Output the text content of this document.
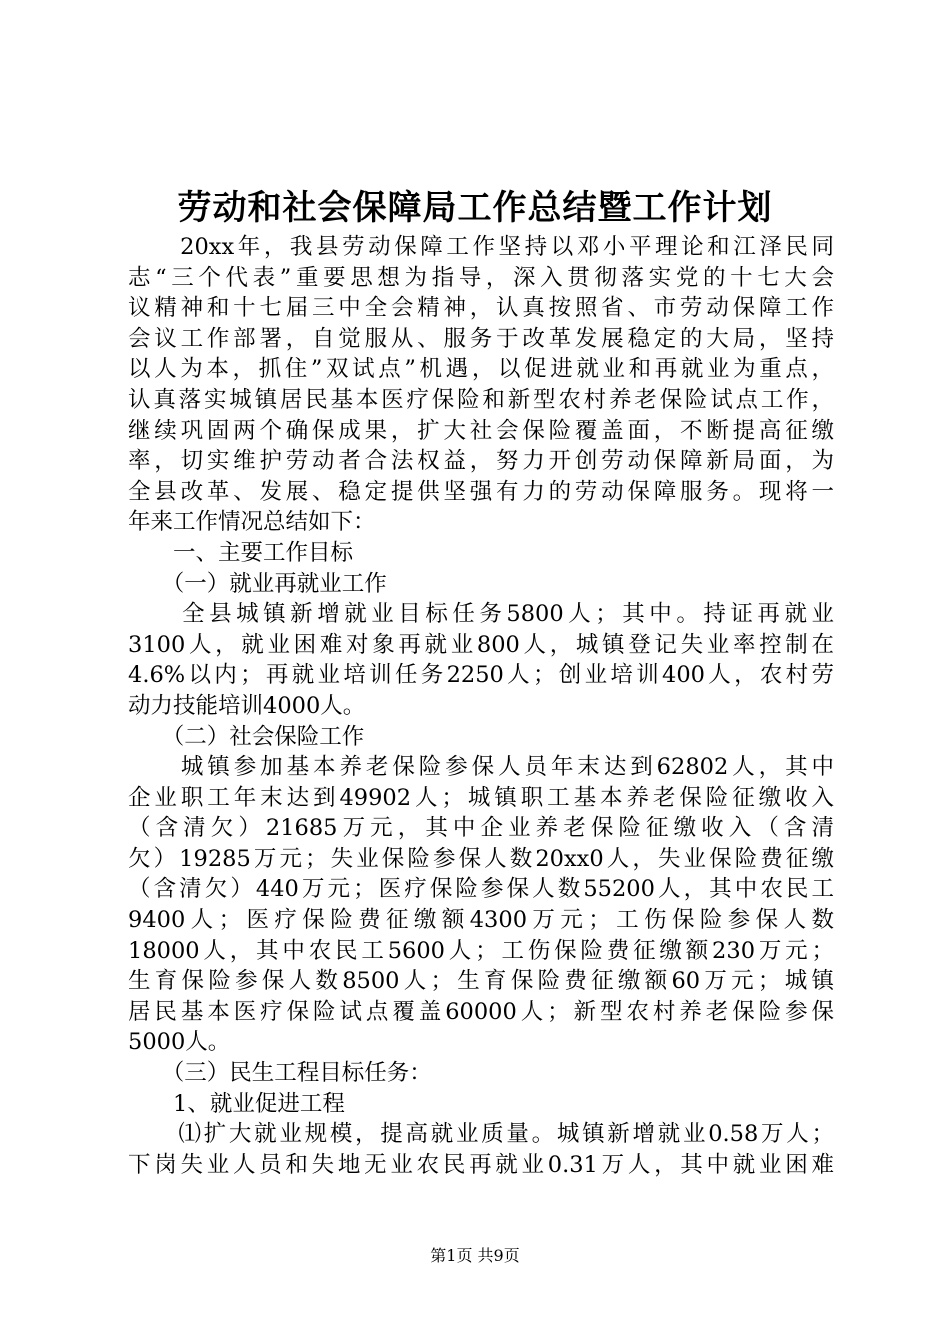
劳动和社会保障局工作总结暨工作计划
　　20xx年，我县劳动保障工作坚持以邓小平理论和江泽民同
志“三个代表”重要思想为指导，深入贯彻落实党的十七大会
议精神和十七届三中全会精神，认真按照省、市劳动保障工作
会议工作部署，自觉服从、服务于改革发展稳定的大局，坚持
以人为本，抓住”双试点”机遇，以促进就业和再就业为重点，
认真落实城镇居民基本医疗保险和新型农村养老保险试点工作，
继续巩固两个确保成果，扩大社会保险覆盖面，不断提高征缴
率，切实维护劳动者合法权益，努力开创劳动保障新局面，为
全县改革、发展、稳定提供坚强有力的劳动保障服务。现将一
年来工作情况总结如下：
　　一、主要工作目标
　　（一）就业再就业工作
　　全县城镇新增就业目标任务5800人；其中。持证再就业
3100人，就业困难对象再就业800人，城镇登记失业率控制在
4.6%以内；再就业培训任务2250人；创业培训400人，农村劳
动力技能培训4000人。
　　（二）社会保险工作
　　城镇参加基本养老保险参保人员年末达到62802人，其中
企业职工年末达到49902人；城镇职工基本养老保险征缴收入
（含清欠）21685万元，其中企业养老保险征缴收入（含清
欠）19285万元；失业保险参保人数20xx0人，失业保险费征缴
（含清欠）440万元；医疗保险参保人数55200人，其中农民工
9400人；医疗保险费征缴额4300万元；工伤保险参保人数
18000人，其中农民工5600人；工伤保险费征缴额230万元；
生育保险参保人数8500人；生育保险费征缴额60万元；城镇
居民基本医疗保险试点覆盖60000人；新型农村养老保险参保
5000人。
　　（三）民生工程目标任务：
　　1、就业促进工程
　　⑴扩大就业规模，提高就业质量。城镇新增就业0.58万人；
下岗失业人员和失地无业农民再就业0.31万人，其中就业困难
第1页 共9页
